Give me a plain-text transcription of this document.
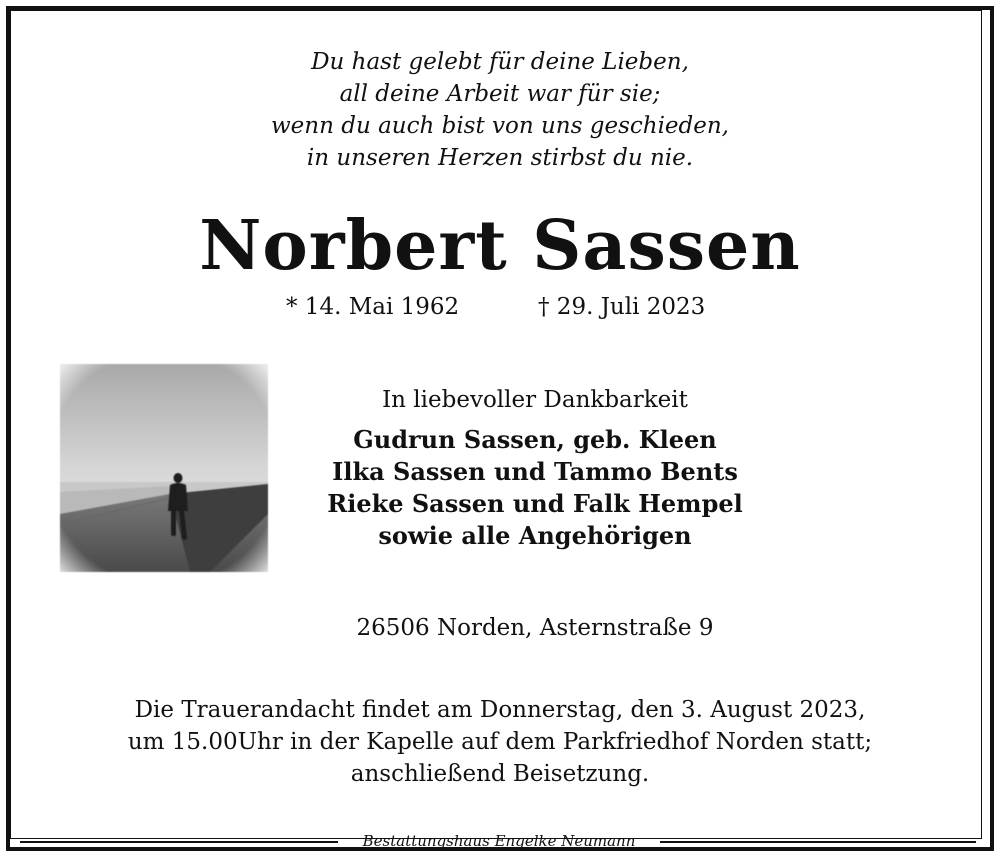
Du hast gelebt für deine Lieben,
all deine Arbeit war für sie;
wenn du auch bist von uns geschieden,
in unseren Herzen stirbst du nie.
Norbert Sassen
* 14. Mai 1962	† 29. Juli 2023
In liebevoller Dankbarkeit
Gudrun Sassen, geb. Kleen
Ilka Sassen und Tammo Bents
Rieke Sassen und Falk Hempel
sowie alle Angehörigen
26506 Norden, Asternstraße 9
Die Trauerandacht findet am Donnerstag, den 3. August 2023,
um 15.00Uhr in der Kapelle auf dem Parkfriedhof Norden statt;
anschließend Beisetzung.
Bestattungshaus Engelke Neumann
